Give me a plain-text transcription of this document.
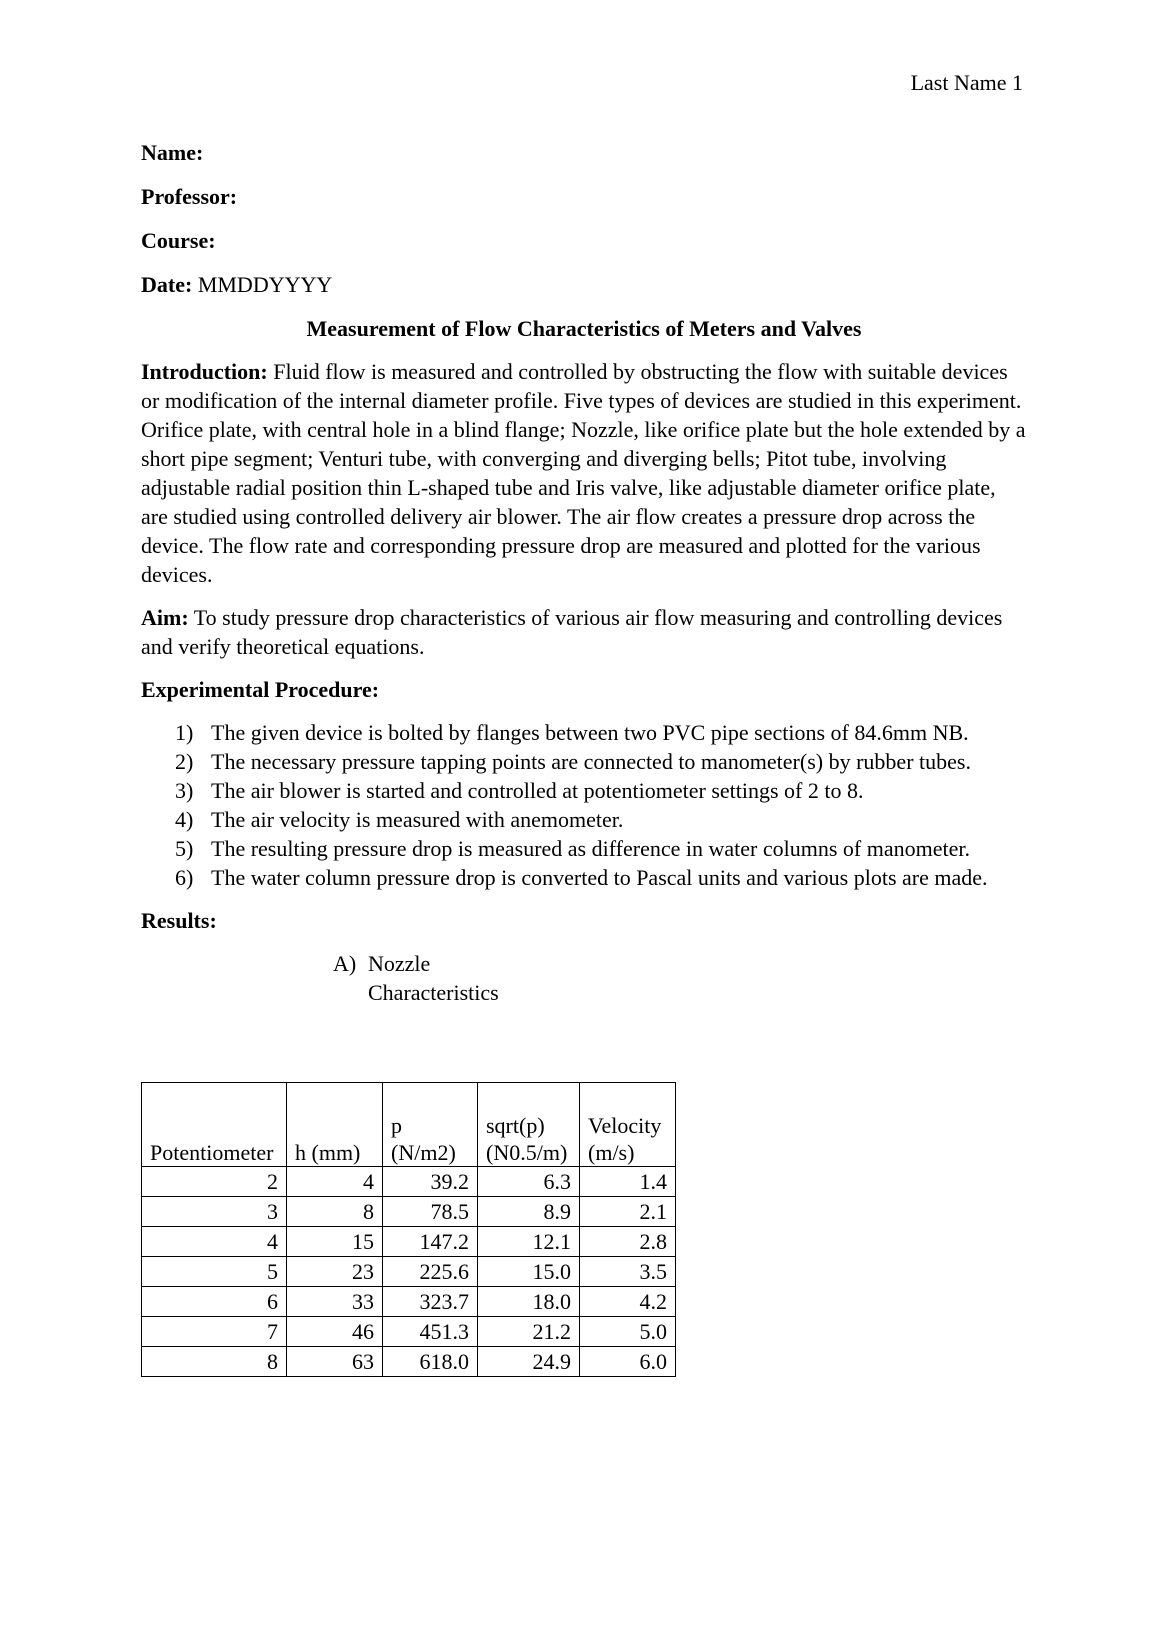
Last Name 1
Name:
Professor:
Course:
Date: MMDDYYYY
Measurement of Flow Characteristics of Meters and Valves

Introduction: Fluid flow is measured and controlled by obstructing the flow with suitable devices or modification of the internal diameter profile. Five types of devices are studied in this experiment. Orifice plate, with central hole in a blind flange; Nozzle, like orifice plate but the hole extended by a short pipe segment; Venturi tube, with converging and diverging bells; Pitot tube, involving adjustable radial position thin L-shaped tube and Iris valve, like adjustable diameter orifice plate, are studied using controlled delivery air blower. The air flow creates a pressure drop across the device. The flow rate and corresponding pressure drop are measured and plotted for the various devices.

Aim: To study pressure drop characteristics of various air flow measuring and controlling devices and verify theoretical equations.

Experimental Procedure:

1) The given device is bolted by flanges between two PVC pipe sections of 84.6mm NB.
2) The necessary pressure tapping points are connected to manometer(s) by rubber tubes.
3) The air blower is started and controlled at potentiometer settings of 2 to 8.
4) The air velocity is measured with anemometer.
5) The resulting pressure drop is measured as difference in water columns of manometer.
6) The water column pressure drop is converted to Pascal units and various plots are made.

Results:

A) Nozzle Characteristics
Potentiometer	h (mm)	p (N/m2)	sqrt(p) (N0.5/m)	Velocity (m/s)
2	4	39.2	6.3	1.4
3	8	78.5	8.9	2.1
4	15	147.2	12.1	2.8
5	23	225.6	15.0	3.5
6	33	323.7	18.0	4.2
7	46	451.3	21.2	5.0
8	63	618.0	24.9	6.0
